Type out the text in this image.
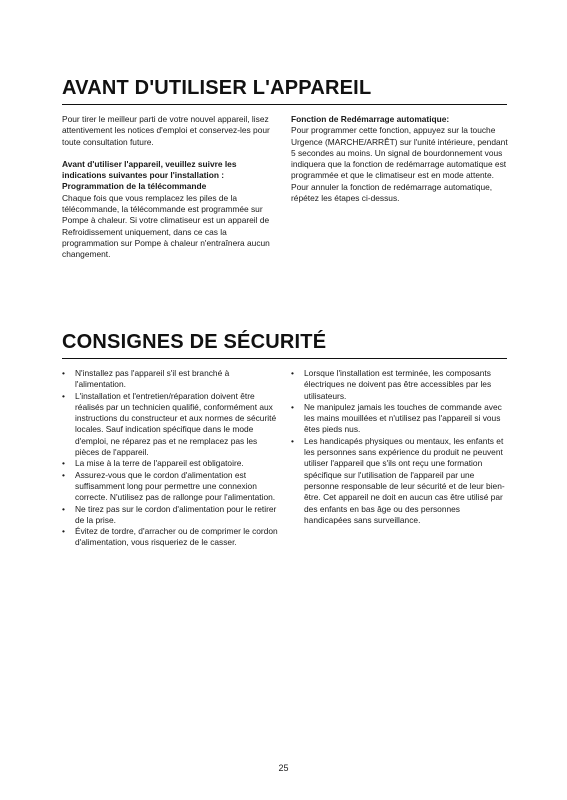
AVANT D'UTILISER L'APPAREIL

Pour tirer le meilleur parti de votre nouvel appareil, lisez attentivement les notices d'emploi et conservez-les pour toute consultation future.

Avant d'utiliser l'appareil, veuillez suivre les indications suivantes pour l'installation : Programmation de la télécommande

Chaque fois que vous remplacez les piles de la télécommande, la télécommande est programmée sur Pompe à chaleur. Si votre climatiseur est un appareil de Refroidissement uniquement, dans ce cas la programmation sur Pompe à chaleur n'entraînera aucun changement.

Fonction de Redémarrage automatique:

Pour programmer cette fonction, appuyez sur la touche Urgence (MARCHE/ARRÊT) sur l'unité intérieure, pendant 5 secondes au moins. Un signal de bourdonnement vous indiquera que la fonction de redémarrage automatique est programmée et que le climatiseur est en mode attente.

Pour annuler la fonction de redémarrage automatique, répétez les étapes ci-dessus.

CONSIGNES DE SÉCURITÉ
• N'installez pas l'appareil s'il est branché à l'alimentation.
• L'installation et l'entretien/réparation doivent être réalisés par un technicien qualifié, conformément aux instructions du constructeur et aux normes de sécurité locales. Sauf indication spécifique dans le mode d'emploi, ne réparez pas et ne remplacez pas les pièces de l'appareil.
• La mise à la terre de l'appareil est obligatoire.
• Assurez-vous que le cordon d'alimentation est suffisamment long pour permettre une connexion correcte. N'utilisez pas de rallonge pour l'alimentation.
• Ne tirez pas sur le cordon d'alimentation pour le retirer de la prise.
• Évitez de tordre, d'arracher ou de comprimer le cordon d'alimentation, vous risqueriez de le casser.
• Lorsque l'installation est terminée, les composants électriques ne doivent pas être accessibles par les utilisateurs.
• Ne manipulez jamais les touches de commande avec les mains mouillées et n'utilisez pas l'appareil si vous êtes pieds nus.
• Les handicapés physiques ou mentaux, les enfants et les personnes sans expérience du produit ne peuvent utiliser l'appareil que s'ils ont reçu une formation spécifique sur l'utilisation de l'appareil par une personne responsable de leur sécurité et de leur bien-être. Cet appareil ne doit en aucun cas être utilisé par des enfants en bas âge ou des personnes handicapées sans surveillance.
25
